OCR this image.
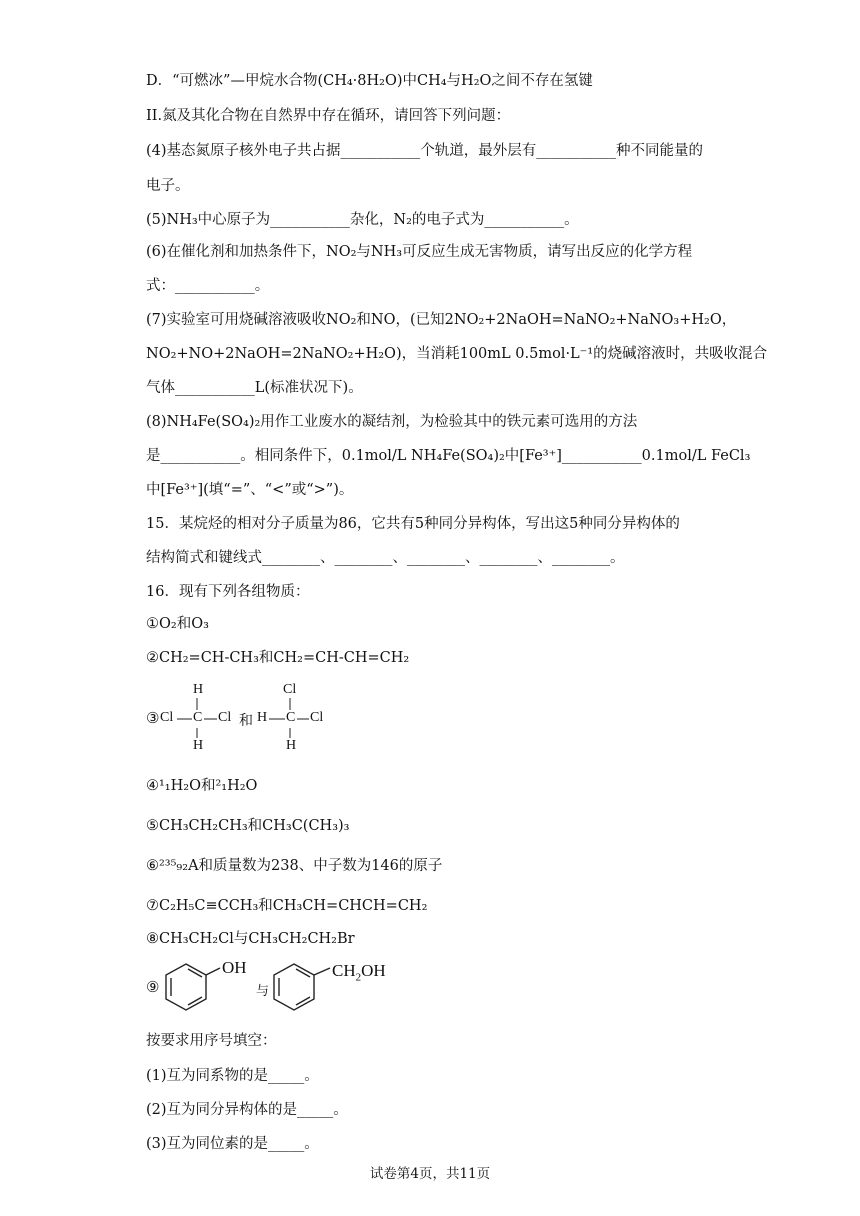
D．“可燃冰”—甲烷水合物(CH₄·8H₂O)中CH₄与H₂O之间不存在氢键
II.氮及其化合物在自然界中存在循环，请回答下列问题：
(4)基态氮原子核外电子共占据___________个轨道，最外层有___________种不同能量的
电子。
(5)NH₃中心原子为___________杂化，N₂的电子式为___________。
(6)在催化剂和加热条件下，NO₂与NH₃可反应生成无害物质，请写出反应的化学方程
式：___________。
(7)实验室可用烧碱溶液吸收NO₂和NO，(已知2NO₂+2NaOH=NaNO₂+NaNO₃+H₂O，
NO₂+NO+2NaOH=2NaNO₂+H₂O)，当消耗100mL 0.5mol·L⁻¹的烧碱溶液时，共吸收混合
气体___________L(标准状况下)。
(8)NH₄Fe(SO₄)₂用作工业废水的凝结剂，为检验其中的铁元素可选用的方法
是___________。相同条件下，0.1mol/L NH₄Fe(SO₄)₂中[Fe³⁺]___________0.1mol/L FeCl₃
中[Fe³⁺](填“=”、“<”或“>”)。
15．某烷烃的相对分子质量为86，它共有5种同分异构体，写出这5种同分异构体的
结构简式和键线式________、________、________、________、________。
16．现有下列各组物质：
①O₂和O₃
②CH₂=CH-CH₃和CH₂=CH-CH=CH₂
③
H
Cl C Cl
H
和
Cl
H C Cl
H
④¹₁H₂O和²₁H₂O
⑤CH₃CH₂CH₃和CH₃C(CH₃)₃
⑥²³⁵₉₂A和质量数为238、中子数为146的原子
⑦C₂H₅C≡CCH₃和CH₃CH=CHCH=CH₂
⑧CH₃CH₂Cl与CH₃CH₂CH₂Br
⑨
OH
与
$CH_2OH$
按要求用序号填空：
(1)互为同系物的是_____。
(2)互为同分异构体的是_____。
(3)互为同位素的是_____。
试卷第4页，共11页
